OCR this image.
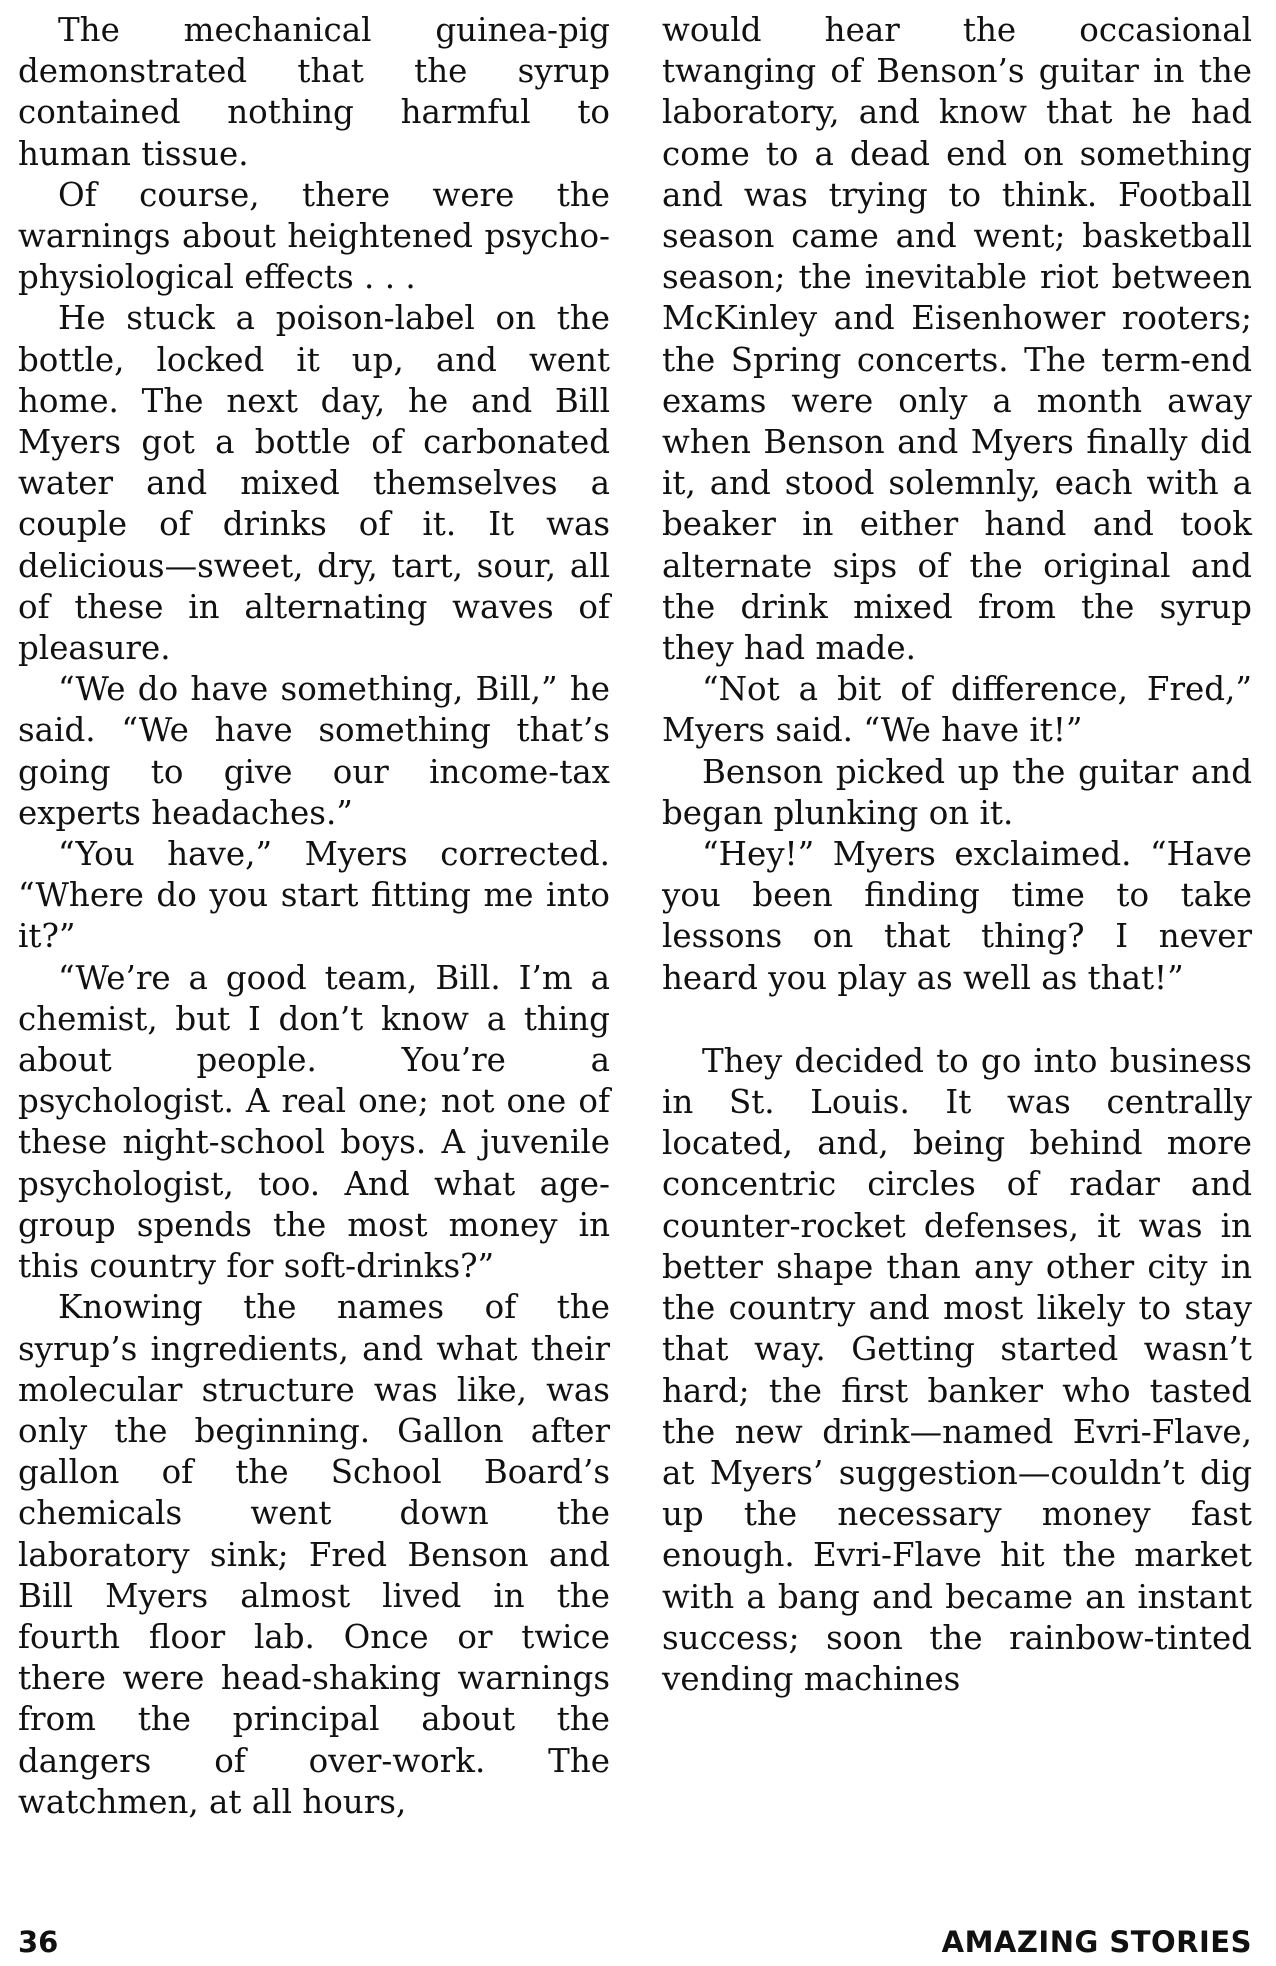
The mechanical guinea-pig demonstrated that the syrup contained nothing harmful to human tissue.

Of course, there were the warnings about heightened psycho-physiological effects . . .

He stuck a poison-label on the bottle, locked it up, and went home. The next day, he and Bill Myers got a bottle of carbonated water and mixed themselves a couple of drinks of it. It was delicious—sweet, dry, tart, sour, all of these in alternating waves of pleasure.

“We do have something, Bill,” he said. “We have something that’s going to give our income-tax experts headaches.”

“You have,” Myers corrected. “Where do you start fitting me into it?”

“We’re a good team, Bill. I’m a chemist, but I don’t know a thing about people. You’re a psychologist. A real one; not one of these night-school boys. A juvenile psychologist, too. And what age-group spends the most money in this country for soft-drinks?”

Knowing the names of the syrup’s ingredients, and what their molecular structure was like, was only the beginning. Gallon after gallon of the School Board’s chemicals went down the laboratory sink; Fred Benson and Bill Myers almost lived in the fourth floor lab. Once or twice there were head-shaking warnings from the principal about the dangers of over-work. The watchmen, at all hours,

would hear the occasional twanging of Benson’s guitar in the laboratory, and know that he had come to a dead end on something and was trying to think. Football season came and went; basketball season; the inevitable riot between McKinley and Eisenhower rooters; the Spring concerts. The term-end exams were only a month away when Benson and Myers finally did it, and stood solemnly, each with a beaker in either hand and took alternate sips of the original and the drink mixed from the syrup they had made.

“Not a bit of difference, Fred,” Myers said. “We have it!”

Benson picked up the guitar and began plunking on it.

“Hey!” Myers exclaimed. “Have you been finding time to take lessons on that thing? I never heard you play as well as that!”

They decided to go into business in St. Louis. It was centrally located, and, being behind more concentric circles of radar and counter-rocket defenses, it was in better shape than any other city in the country and most likely to stay that way. Getting started wasn’t hard; the first banker who tasted the new drink—named Evri-Flave, at Myers’ suggestion—couldn’t dig up the necessary money fast enough. Evri-Flave hit the market with a bang and became an instant success; soon the rainbow-tinted vending machines

36	AMAZING STORIES
